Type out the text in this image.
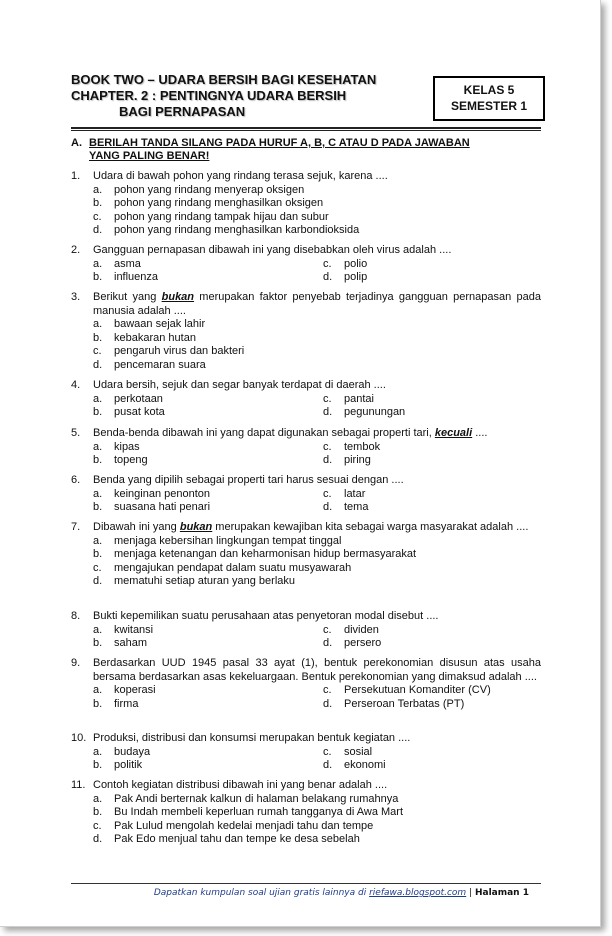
BOOK TWO – UDARA BERSIH BAGI KESEHATAN
CHAPTER. 2 : PENTINGNYA UDARA BERSIH
BAGI PERNAPASAN
KELAS 5
SEMESTER 1
A. BERILAH TANDA SILANG PADA HURUF A, B, C ATAU D PADA JAWABAN
YANG PALING BENAR!
1. Udara di bawah pohon yang rindang terasa sejuk, karena ....
a.	pohon yang rindang menyerap oksigen
b.	pohon yang rindang menghasilkan oksigen
c.	pohon yang rindang tampak hijau dan subur
d.	pohon yang rindang menghasilkan karbondioksida
2. Gangguan pernapasan dibawah ini yang disebabkan oleh virus adalah ....
a.	asma	c.	polio
b.	influenza	d.	polip
3. Berikut yang bukan merupakan faktor penyebab terjadinya gangguan pernapasan pada manusia adalah ....
a.	bawaan sejak lahir
b.	kebakaran hutan
c.	pengaruh virus dan bakteri
d.	pencemaran suara
4. Udara bersih, sejuk dan segar banyak terdapat di daerah ....
a.	perkotaan	c.	pantai
b.	pusat kota	d.	pegunungan
5. Benda-benda dibawah ini yang dapat digunakan sebagai properti tari, kecuali ....
a.	kipas	c.	tembok
b.	topeng	d.	piring
6. Benda yang dipilih sebagai properti tari harus sesuai dengan ....
a.	keinginan penonton	c.	latar
b.	suasana hati penari	d.	tema
7. Dibawah ini yang bukan merupakan kewajiban kita sebagai warga masyarakat adalah ....
a.	menjaga kebersihan lingkungan tempat tinggal
b.	menjaga ketenangan dan keharmonisan hidup bermasyarakat
c.	mengajukan pendapat dalam suatu musyawarah
d.	mematuhi setiap aturan yang berlaku
8. Bukti kepemilikan suatu perusahaan atas penyetoran modal disebut ....
a.	kwitansi	c.	dividen
b.	saham	d.	persero
9. Berdasarkan UUD 1945 pasal 33 ayat (1), bentuk perekonomian disusun atas usaha bersama berdasarkan asas kekeluargaan. Bentuk perekonomian yang dimaksud adalah ....
a.	koperasi	c.	Persekutuan Komanditer (CV)
b.	firma	d.	Perseroan Terbatas (PT)
10. Produksi, distribusi dan konsumsi merupakan bentuk kegiatan ....
a.	budaya	c.	sosial
b.	politik	d.	ekonomi
11. Contoh kegiatan distribusi dibawah ini yang benar adalah ....
a.	Pak Andi berternak kalkun di halaman belakang rumahnya
b.	Bu Indah membeli keperluan rumah tangganya di Awa Mart
c.	Pak Lulud mengolah kedelai menjadi tahu dan tempe
d.	Pak Edo menjual tahu dan tempe ke desa sebelah
Dapatkan kumpulan soal ujian gratis lainnya di riefawa.blogspot.com | Halaman 1
